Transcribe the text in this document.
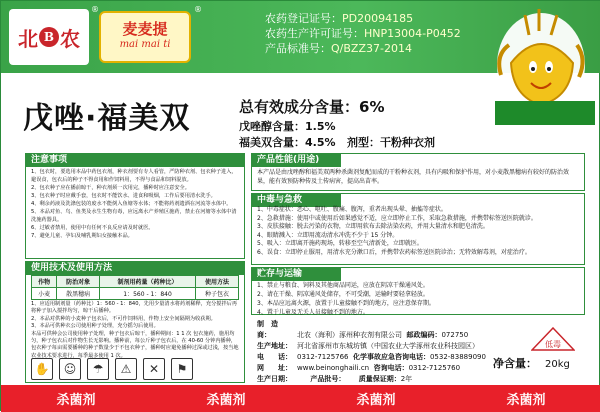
北 B 农
®
麦麦提
mai mai ti
®
农药登记证号：PD20094185
农药生产许可证号：HNP13004-P0452
产品标准号：Q/BZZ37-2014
戊唑·福美双	总有效成分含量：6%
戊唑醇含量：1.5%
福美双含量：4.5% 剂型：干粉种衣剂
注意事项

1、包衣时，要选用本品中药包衣剂，种衣剂要有专人看管，严防种衣剂、包衣种子进入，避误食，包衣后的种子不得食用和作饲料用，不得与食品和饲料混放。

2、包衣种子应在播前晾干，种衣剂须一次用完，播种时应注意安全。

3、包衣种子时应戴手套，包衣时不能饮水、进食和吸烟，工作后要用清水洗手。

4、剩余药液及洗涤包装的废水不能倒入鱼塘等水体；不能将药剂遗洒在河流等水体中。

5、本品对鱼、鸟、鱼类及水生生物有毒，应远离水产养殖区施药，禁止在河塘等水体中清洗施药器具。

6、过敏者禁用，使用中有任何不良反应请及时就医。

7、避免儿童、孕妇及哺乳期妇女接触本品。

使用技术及使用方法
作物	防治对象	制剂用药量（药种比）	使用方法
小麦	散黑穗病	1：560 - 1：840	种子包衣
1、应适用制剂量（药种比）1：560 - 1：840，先用少量清水将药剂稀释，充分搅拌后再将种子加入搅拌均匀，晾干后播种。
2、本品对供种的小麦种子包衣后，不可作饲料用，作物上安全间隔期为收获期。
3、本品可供种衣公司使用种子处理，充分摇匀后使用。
本品可供种会公司使用种子处理，种子包衣后晾干，播种期间：1 1 次 包衣施药，施用均匀，种子包衣后对作物生长无影响。播种前，每公斤种子包衣后，在 40-60 分钟内播种，包衣种子每亩需要播种的种子数量少于不包衣种子，播种时应避免播种过深或过浅，按当地农业技术要求进行，每季最多使用 1 次。
✋	☺	☂	⚠	✕	⚑
产品性能(用途)
本产品是由戊唑醇和福美双两种杀菌剂复配而成的干粉种衣剂，具有内吸和保护作用，对小麦散黑穗病有较好的防治效果，能有效预防种传及土传病害，提高出苗率。
中毒与急救
1、中毒症状：恶心、呕吐、腹痛、腹泻，重者出现头晕、抽搐等症状。
2、急救措施：使用中或使用后如果感觉不适，应立即停止工作，采取急救措施，并携带标签送医院就诊。
3、皮肤接触：脱去污染的衣物，立即用软布去除沾染农药，并用大量清水和肥皂清洗。
4、眼睛溅入：立即用流动清水冲洗不少于 15 分钟。
5、吸入：立即离开施药现场，转移至空气清新处，立即就医。
6、误食：立即停止服用，用清水充分漱口后，并携带农药标签送医院诊治；无特效解毒剂，对症治疗。
贮存与运输
1、禁止与粮食、饲料及其他商品同运，应放在阴凉干燥通风处。
2、请在干燥、阴凉通风处储存，不可受潮，运输时要轻拿轻放。
3、本品应远离火源，放置于儿童接触不到的地方，应注意保存期。
4、置于儿童及无关人员接触不到的地方。
制　造　商：	北农（海利）涿州种衣剂有限公司 邮政编码：072750
生产地址： 河北省涿州市东城坊镇（中国农业大学涿州农业科技园区）
电　　话： 0312-7125766 化学事故应急咨询电话：0532-83889090
网　　址： www.beinonghaili.cn 咨询电话：0312-7125760
生产日期：	产品批号： 质量保证期：2年
低毒
净含量： 20kg
杀菌剂	杀菌剂	杀菌剂	杀菌剂
